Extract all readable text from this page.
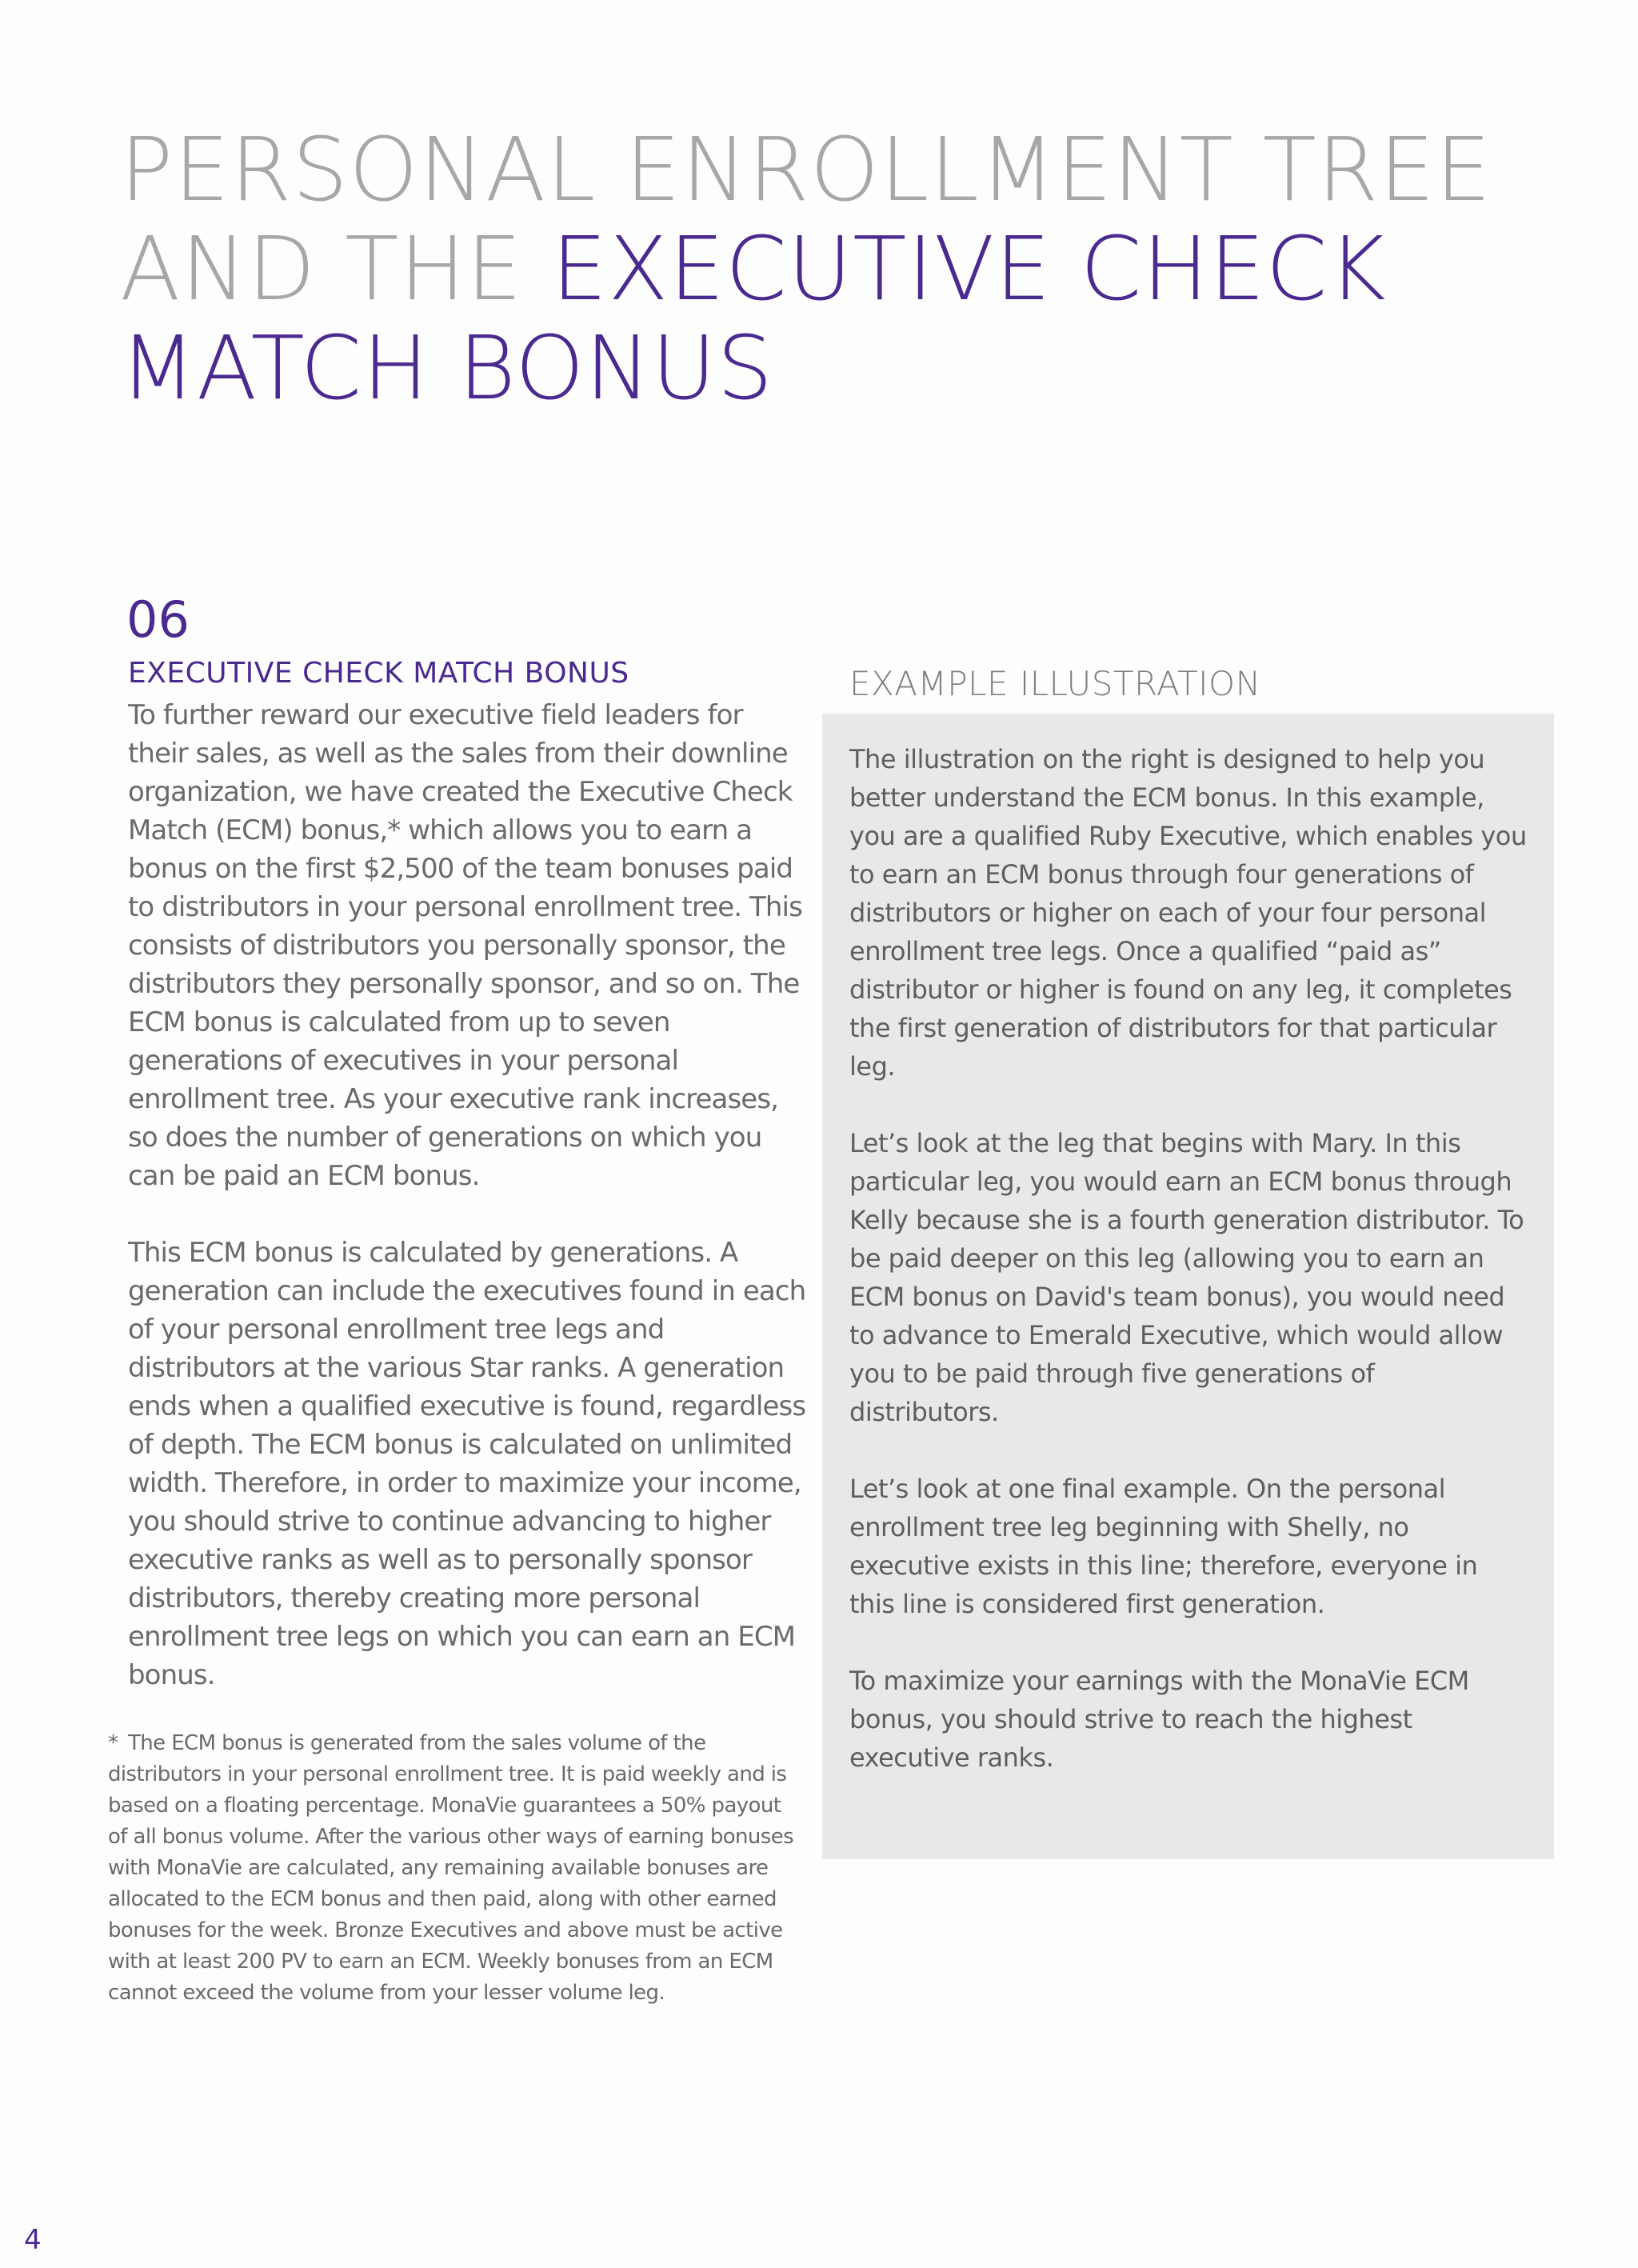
PERSONAL ENROLLMENT TREE
AND THE EXECUTIVE CHECK
MATCH BONUS
06
EXECUTIVE CHECK MATCH BONUS

To further reward our executive field leaders for their sales, as well as the sales from their downline organization, we have created the Executive Check Match (ECM) bonus,* which allows you to earn a bonus on the first $2,500 of the team bonuses paid to distributors in your personal enrollment tree. This consists of distributors you personally sponsor, the distributors they personally sponsor, and so on. The ECM bonus is calculated from up to seven generations of executives in your personal enrollment tree. As your executive rank increases, so does the number of generations on which you can be paid an ECM bonus.

This ECM bonus is calculated by generations. A generation can include the executives found in each of your personal enrollment tree legs and distributors at the various Star ranks. A generation ends when a qualified executive is found, regardless of depth. The ECM bonus is calculated on unlimited width. Therefore, in order to maximize your income, you should strive to continue advancing to higher executive ranks as well as to personally sponsor distributors, thereby creating more personal enrollment tree legs on which you can earn an ECM bonus.

* The ECM bonus is generated from the sales volume of the distributors in your personal enrollment tree. It is paid weekly and is based on a floating percentage. MonaVie guarantees a 50% payout of all bonus volume. After the various other ways of earning bonuses with MonaVie are calculated, any remaining available bonuses are allocated to the ECM bonus and then paid, along with other earned bonuses for the week. Bronze Executives and above must be active with at least 200 PV to earn an ECM. Weekly bonuses from an ECM cannot exceed the volume from your lesser volume leg.
EXAMPLE ILLUSTRATION

The illustration on the right is designed to help you better understand the ECM bonus. In this example, you are a qualified Ruby Executive, which enables you to earn an ECM bonus through four generations of distributors or higher on each of your four personal enrollment tree legs. Once a qualified “paid as” distributor or higher is found on any leg, it completes the first generation of distributors for that particular leg.

Let’s look at the leg that begins with Mary. In this particular leg, you would earn an ECM bonus through Kelly because she is a fourth generation distributor. To be paid deeper on this leg (allowing you to earn an ECM bonus on David's team bonus), you would need to advance to Emerald Executive, which would allow you to be paid through five generations of distributors.

Let’s look at one final example. On the personal enrollment tree leg beginning with Shelly, no executive exists in this line; therefore, everyone in this line is considered first generation.

To maximize your earnings with the MonaVie ECM bonus, you should strive to reach the highest executive ranks.

4
